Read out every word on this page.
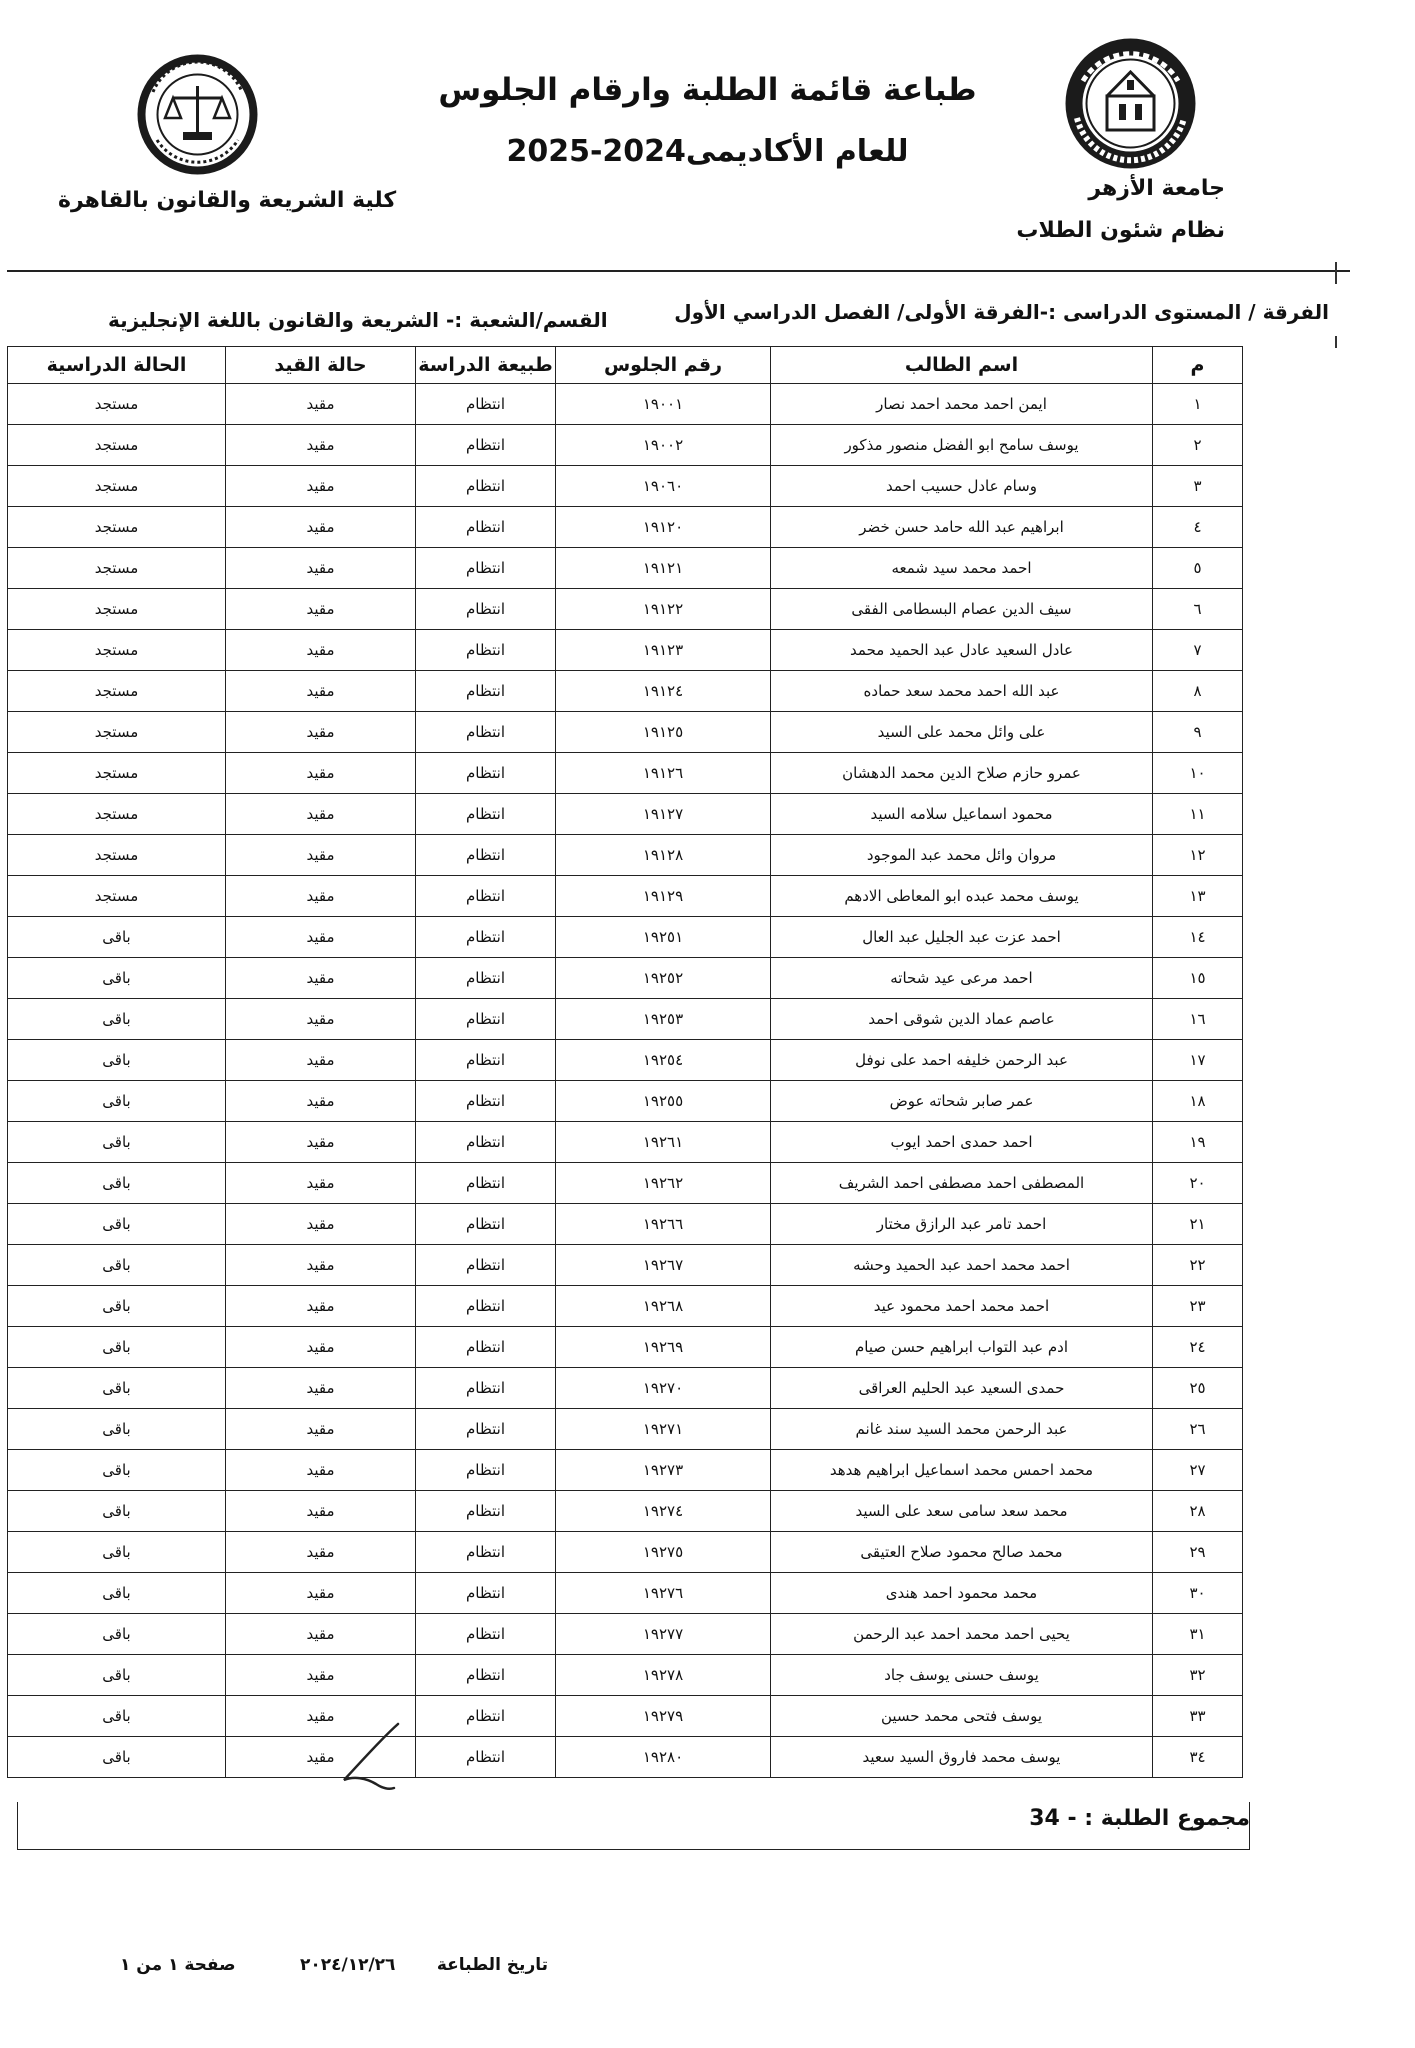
طباعة قائمة الطلبة وارقام الجلوس
للعام الأكاديمى2024-2025
جامعة الأزهر
نظام شئون الطلاب
كلية الشريعة والقانون بالقاهرة
الفرقة / المستوى الدراسى :-الفرقة الأولى/ الفصل الدراسي الأول
القسم/الشعبة :- الشريعة والقانون باللغة الإنجليزية
م	اسم الطالب	رقم الجلوس	طبيعة الدراسة	حالة القيد	الحالة الدراسية
١	ايمن احمد محمد احمد نصار	١٩٠٠١	انتظام	مقيد	مستجد
٢	يوسف سامح ابو الفضل منصور مذكور	١٩٠٠٢	انتظام	مقيد	مستجد
٣	وسام عادل حسيب احمد	١٩٠٦٠	انتظام	مقيد	مستجد
٤	ابراهيم عبد الله حامد حسن خضر	١٩١٢٠	انتظام	مقيد	مستجد
٥	احمد محمد سيد شمعه	١٩١٢١	انتظام	مقيد	مستجد
٦	سيف الدين عصام البسطامى الفقى	١٩١٢٢	انتظام	مقيد	مستجد
٧	عادل السعيد عادل عبد الحميد محمد	١٩١٢٣	انتظام	مقيد	مستجد
٨	عبد الله احمد محمد سعد حماده	١٩١٢٤	انتظام	مقيد	مستجد
٩	على وائل محمد على السيد	١٩١٢٥	انتظام	مقيد	مستجد
١٠	عمرو حازم صلاح الدين محمد الدهشان	١٩١٢٦	انتظام	مقيد	مستجد
١١	محمود اسماعيل سلامه السيد	١٩١٢٧	انتظام	مقيد	مستجد
١٢	مروان وائل محمد عبد الموجود	١٩١٢٨	انتظام	مقيد	مستجد
١٣	يوسف محمد عبده ابو المعاطى الادهم	١٩١٢٩	انتظام	مقيد	مستجد
١٤	احمد عزت عبد الجليل عبد العال	١٩٢٥١	انتظام	مقيد	باقى
١٥	احمد مرعى عيد شحاته	١٩٢٥٢	انتظام	مقيد	باقى
١٦	عاصم عماد الدين شوقى احمد	١٩٢٥٣	انتظام	مقيد	باقى
١٧	عبد الرحمن خليفه احمد على نوفل	١٩٢٥٤	انتظام	مقيد	باقى
١٨	عمر صابر شحاته عوض	١٩٢٥٥	انتظام	مقيد	باقى
١٩	احمد حمدى احمد ايوب	١٩٢٦١	انتظام	مقيد	باقى
٢٠	المصطفى احمد مصطفى احمد الشريف	١٩٢٦٢	انتظام	مقيد	باقى
٢١	احمد تامر عبد الرازق مختار	١٩٢٦٦	انتظام	مقيد	باقى
٢٢	احمد محمد احمد عبد الحميد وحشه	١٩٢٦٧	انتظام	مقيد	باقى
٢٣	احمد محمد احمد محمود عيد	١٩٢٦٨	انتظام	مقيد	باقى
٢٤	ادم عبد التواب ابراهيم حسن صيام	١٩٢٦٩	انتظام	مقيد	باقى
٢٥	حمدى السعيد عبد الحليم العراقى	١٩٢٧٠	انتظام	مقيد	باقى
٢٦	عبد الرحمن محمد السيد سند غانم	١٩٢٧١	انتظام	مقيد	باقى
٢٧	محمد احمس محمد اسماعيل ابراهيم هدهد	١٩٢٧٣	انتظام	مقيد	باقى
٢٨	محمد سعد سامى سعد على السيد	١٩٢٧٤	انتظام	مقيد	باقى
٢٩	محمد صالح محمود صلاح العتيقى	١٩٢٧٥	انتظام	مقيد	باقى
٣٠	محمد محمود احمد هندى	١٩٢٧٦	انتظام	مقيد	باقى
٣١	يحيى احمد محمد احمد عبد الرحمن	١٩٢٧٧	انتظام	مقيد	باقى
٣٢	يوسف حسنى يوسف جاد	١٩٢٧٨	انتظام	مقيد	باقى
٣٣	يوسف فتحى محمد حسين	١٩٢٧٩	انتظام	مقيد	باقى
٣٤	يوسف محمد فاروق السيد سعيد	١٩٢٨٠	انتظام	مقيد	باقى
مجموع الطلبة : - 34
تاريخ الطباعة       ٢٠٢٤/١٢/٢٦
صفحة ١ من ١
